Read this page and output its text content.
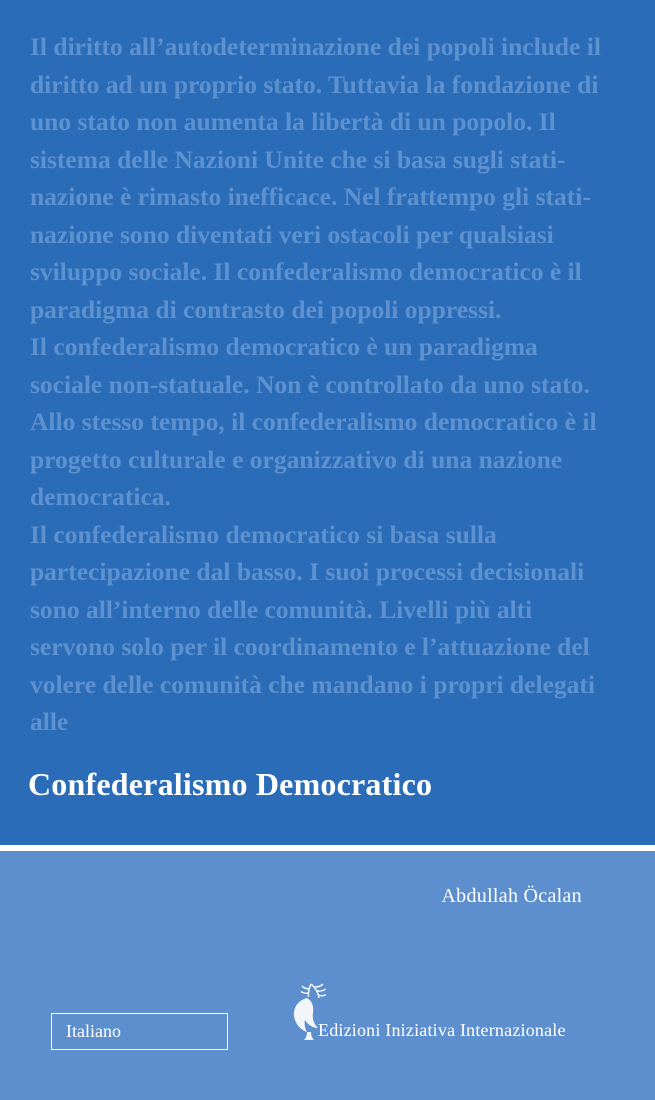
Il diritto all’autodeterminazione dei popoli include il diritto ad un proprio stato. Tuttavia la fondazione di uno stato non aumenta la libertà di un popolo. Il sistema delle Nazioni Unite che si basa sugli stati-nazione è rimasto inefficace. Nel frattempo gli stati-nazione sono diventati veri ostacoli per qualsiasi sviluppo sociale. Il confederalismo democratico è il paradigma di contrasto dei popoli oppressi.

Il confederalismo democratico è un paradigma sociale non-statuale. Non è controllato da uno stato. Allo stesso tempo, il confederalismo democratico è il progetto culturale e organizzativo di una nazione democratica.

Il confederalismo democratico si basa sulla partecipazione dal basso. I suoi processi decisionali sono all’interno delle comunità. Livelli più alti servono solo per il coordinamento e l’attuazione del volere delle comunità che mandano i propri delegati alle

Confederalismo Democratico
Abdullah Öcalan
Italiano	Edizioni Iniziativa Internazionale
